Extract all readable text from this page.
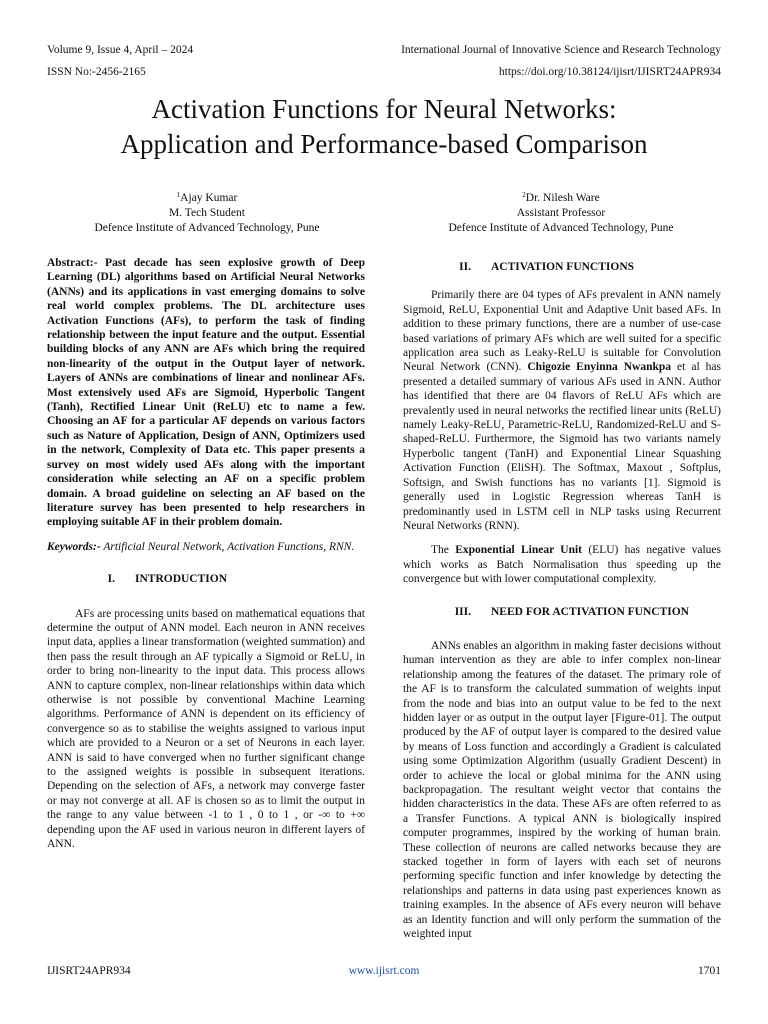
Volume 9, Issue 4, April – 2024	International Journal of Innovative Science and Research Technology
ISSN No:-2456-2165	https://doi.org/10.38124/ijisrt/IJISRT24APR934
Activation Functions for Neural Networks:
Application and Performance-based Comparison
$^1$Ajay Kumar
M. Tech Student
Defence Institute of Advanced Technology, Pune
$^2$Dr. Nilesh Ware
Assistant Professor
Defence Institute of Advanced Technology, Pune

Abstract:- Past decade has seen explosive growth of Deep Learning (DL) algorithms based on Artificial Neural Networks (ANNs) and its applications in vast emerging domains to solve real world complex problems. The DL architecture uses Activation Functions (AFs), to perform the task of finding relationship between the input feature and the output. Essential building blocks of any ANN are AFs which bring the required non-linearity of the output in the Output layer of network. Layers of ANNs are combinations of linear and nonlinear AFs. Most extensively used AFs are Sigmoid, Hyperbolic Tangent (Tanh), Rectified Linear Unit (ReLU) etc to name a few. Choosing an AF for a particular AF depends on various factors such as Nature of Application, Design of ANN, Optimizers used in the network, Complexity of Data etc. This paper presents a survey on most widely used AFs along with the important consideration while selecting an AF on a specific problem domain. A broad guideline on selecting an AF based on the literature survey has been presented to help researchers in employing suitable AF in their problem domain.

Keywords:- Artificial Neural Network, Activation Functions, RNN.

I.	INTRODUCTION

AFs are processing units based on mathematical equations that determine the output of ANN model. Each neuron in ANN receives input data, applies a linear transformation (weighted summation) and then pass the result through an AF typically a Sigmoid or ReLU, in order to bring non-linearity to the input data. This process allows ANN to capture complex, non-linear relationships within data which otherwise is not possible by conventional Machine Learning algorithms. Performance of ANN is dependent on its efficiency of convergence so as to stabilise the weights assigned to various input which are provided to a Neuron or a set of Neurons in each layer. ANN is said to have converged when no further significant change to the assigned weights is possible in subsequent iterations. Depending on the selection of AFs, a network may converge faster or may not converge at all. AF is chosen so as to limit the output in the range to any value between -1 to 1 , 0 to 1 , or -∞ to +∞ depending upon the AF used in various neuron in different layers of ANN.

II.	ACTIVATION FUNCTIONS

Primarily there are 04 types of AFs prevalent in ANN namely Sigmoid, ReLU, Exponential Unit and Adaptive Unit based AFs. In addition to these primary functions, there are a number of use-case based variations of primary AFs which are well suited for a specific application area such as Leaky-ReLU is suitable for Convolution Neural Network (CNN). Chigozie Enyinna Nwankpa et al has presented a detailed summary of various AFs used in ANN. Author has identified that there are 04 flavors of ReLU AFs which are prevalently used in neural networks the rectified linear units (ReLU) namely Leaky-ReLU, Parametric-ReLU, Randomized-ReLU and S-shaped-ReLU. Furthermore, the Sigmoid has two variants namely Hyperbolic tangent (TanH) and Exponential Linear Squashing Activation Function (EliSH). The Softmax, Maxout , Softplus, Softsign, and Swish functions has no variants [1]. Sigmoid is generally used in Logistic Regression whereas TanH is predominantly used in LSTM cell in NLP tasks using Recurrent Neural Networks (RNN).

The Exponential Linear Unit (ELU) has negative values which works as Batch Normalisation thus speeding up the convergence but with lower computational complexity.

III.	NEED FOR ACTIVATION FUNCTION

ANNs enables an algorithm in making faster decisions without human intervention as they are able to infer complex non-linear relationship among the features of the dataset. The primary role of the AF is to transform the calculated summation of weights input from the node and bias into an output value to be fed to the next hidden layer or as output in the output layer [Figure-01]. The output produced by the AF of output layer is compared to the desired value by means of Loss function and accordingly a Gradient is calculated using some Optimization Algorithm (usually Gradient Descent) in order to achieve the local or global minima for the ANN using backpropagation. The resultant weight vector that contains the hidden characteristics in the data. These AFs are often referred to as a Transfer Functions. A typical ANN is biologically inspired computer programmes, inspired by the working of human brain. These collection of neurons are called networks because they are stacked together in form of layers with each set of neurons performing specific function and infer knowledge by detecting the relationships and patterns in data using past experiences known as training examples. In the absence of AFs every neuron will behave as an Identity function and will only perform the summation of the weighted input

IJISRT24APR934	www.ijisrt.com	1701
